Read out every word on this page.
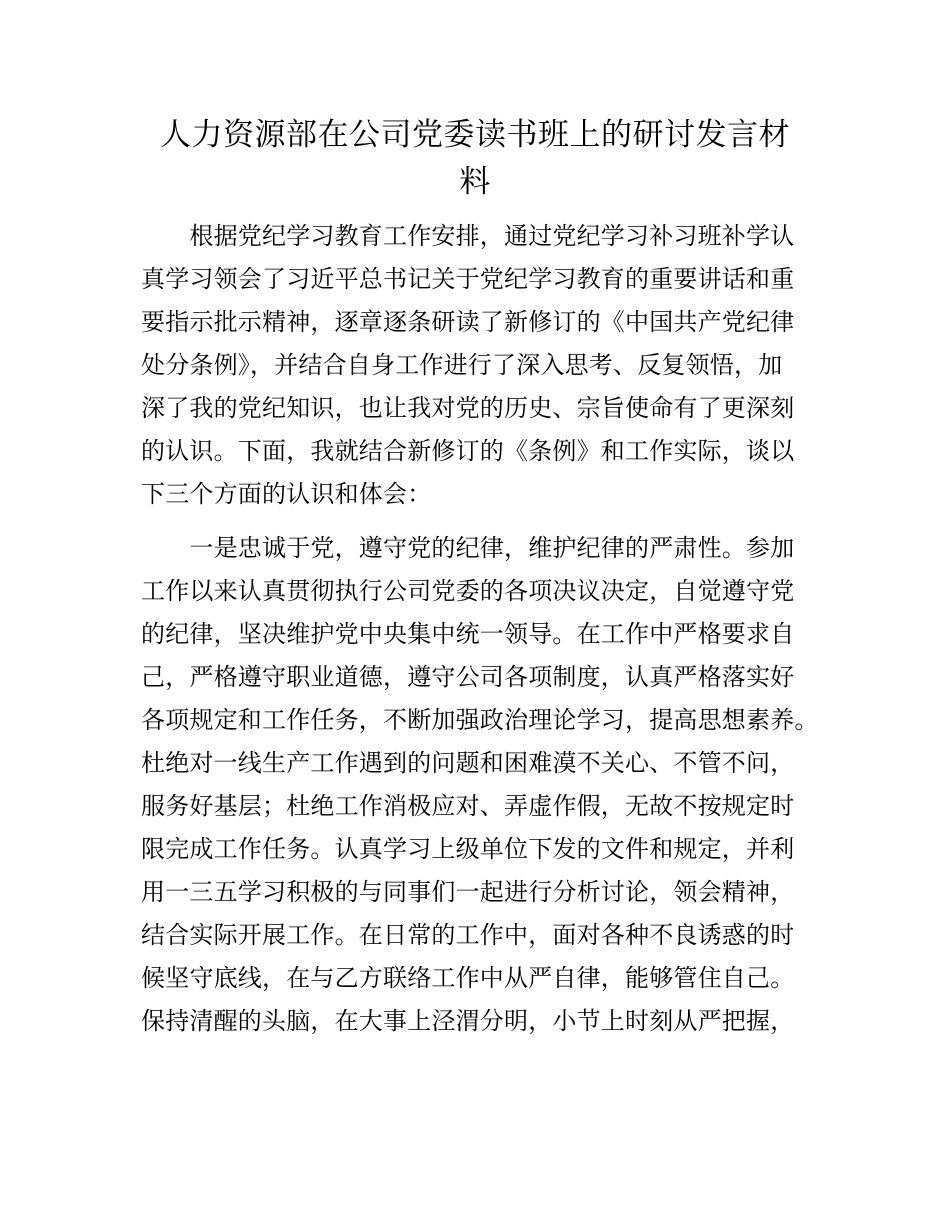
人力资源部在公司党委读书班上的研讨发言材
料

　　根据党纪学习教育工作安排，通过党纪学习补习班补学认

真学习领会了习近平总书记关于党纪学习教育的重要讲话和重

要指示批示精神，逐章逐条研读了新修订的《中国共产党纪律

处分条例》，并结合自身工作进行了深入思考、反复领悟，加

深了我的党纪知识，也让我对党的历史、宗旨使命有了更深刻

的认识。下面，我就结合新修订的《条例》和工作实际，谈以

下三个方面的认识和体会：

　　一是忠诚于党，遵守党的纪律，维护纪律的严肃性。参加

工作以来认真贯彻执行公司党委的各项决议决定，自觉遵守党

的纪律，坚决维护党中央集中统一领导。在工作中严格要求自

己，严格遵守职业道德，遵守公司各项制度，认真严格落实好

各项规定和工作任务，不断加强政治理论学习，提高思想素养。

杜绝对一线生产工作遇到的问题和困难漠不关心、不管不问，

服务好基层；杜绝工作消极应对、弄虚作假，无故不按规定时

限完成工作任务。认真学习上级单位下发的文件和规定，并利

用一三五学习积极的与同事们一起进行分析讨论，领会精神，

结合实际开展工作。在日常的工作中，面对各种不良诱惑的时

候坚守底线，在与乙方联络工作中从严自律，能够管住自己。

保持清醒的头脑，在大事上泾渭分明，小节上时刻从严把握，
